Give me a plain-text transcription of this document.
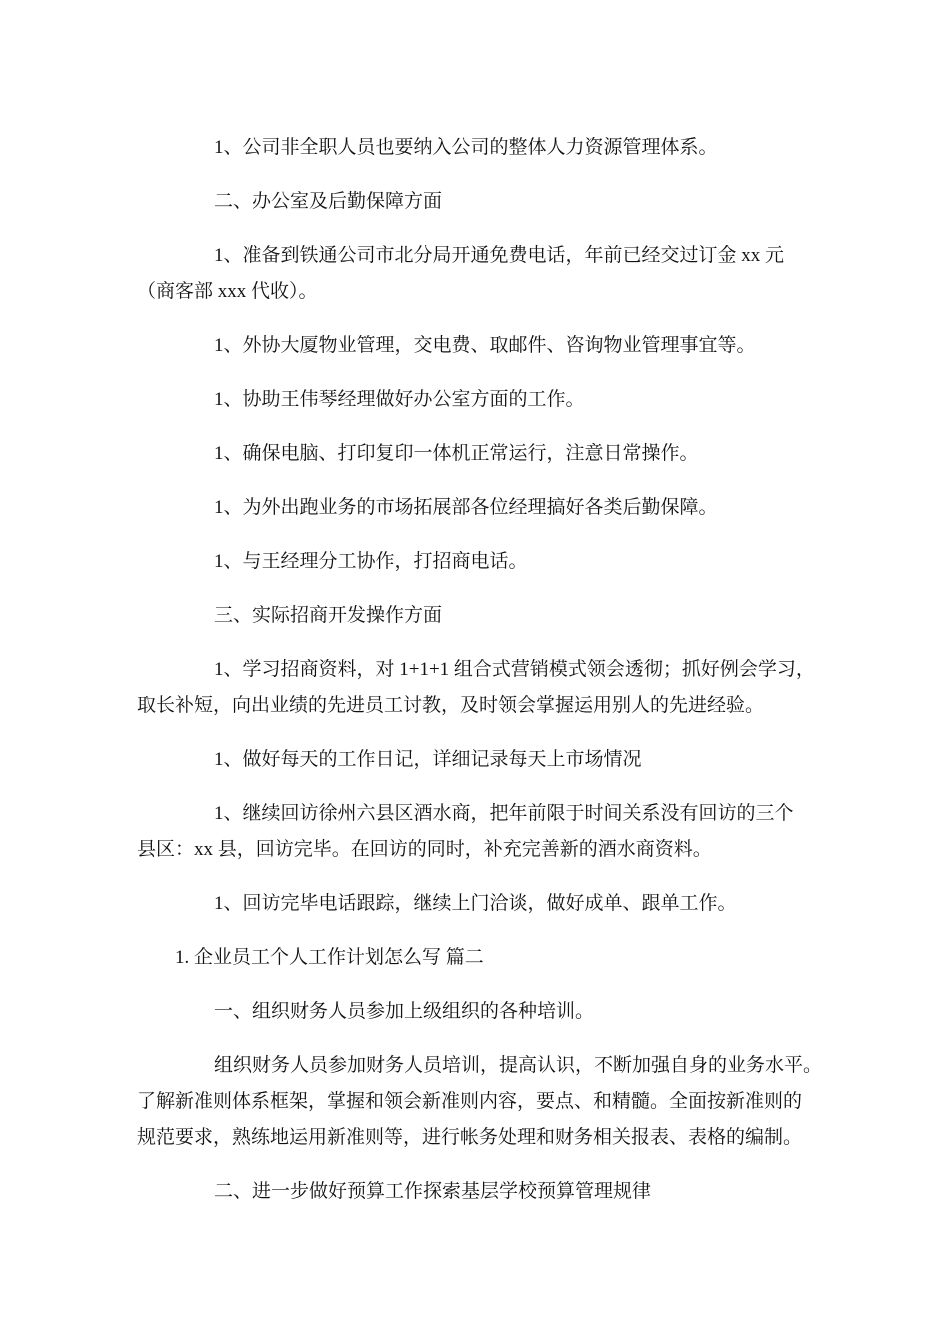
1、公司非全职人员也要纳入公司的整体人力资源管理体系。

二、办公室及后勤保障方面

1、准备到铁通公司市北分局开通免费电话，年前已经交过订金 xx 元
（商客部 xxx 代收）。

1、外协大厦物业管理，交电费、取邮件、咨询物业管理事宜等。

1、协助王伟琴经理做好办公室方面的工作。

1、确保电脑、打印复印一体机正常运行，注意日常操作。

1、为外出跑业务的市场拓展部各位经理搞好各类后勤保障。

1、与王经理分工协作，打招商电话。

三、实际招商开发操作方面

1、学习招商资料，对 1+1+1 组合式营销模式领会透彻；抓好例会学习，
取长补短，向出业绩的先进员工讨教，及时领会掌握运用别人的先进经验。

1、做好每天的工作日记，详细记录每天上市场情况

1、继续回访徐州六县区酒水商，把年前限于时间关系没有回访的三个
县区：xx 县，回访完毕。在回访的同时，补充完善新的酒水商资料。

1、回访完毕电话跟踪，继续上门洽谈，做好成单、跟单工作。

1. 企业员工个人工作计划怎么写 篇二

一、组织财务人员参加上级组织的各种培训。

组织财务人员参加财务人员培训，提高认识，不断加强自身的业务水平。
了解新准则体系框架，掌握和领会新准则内容，要点、和精髓。全面按新准则的
规范要求，熟练地运用新准则等，进行帐务处理和财务相关报表、表格的编制。

二、进一步做好预算工作探索基层学校预算管理规律
